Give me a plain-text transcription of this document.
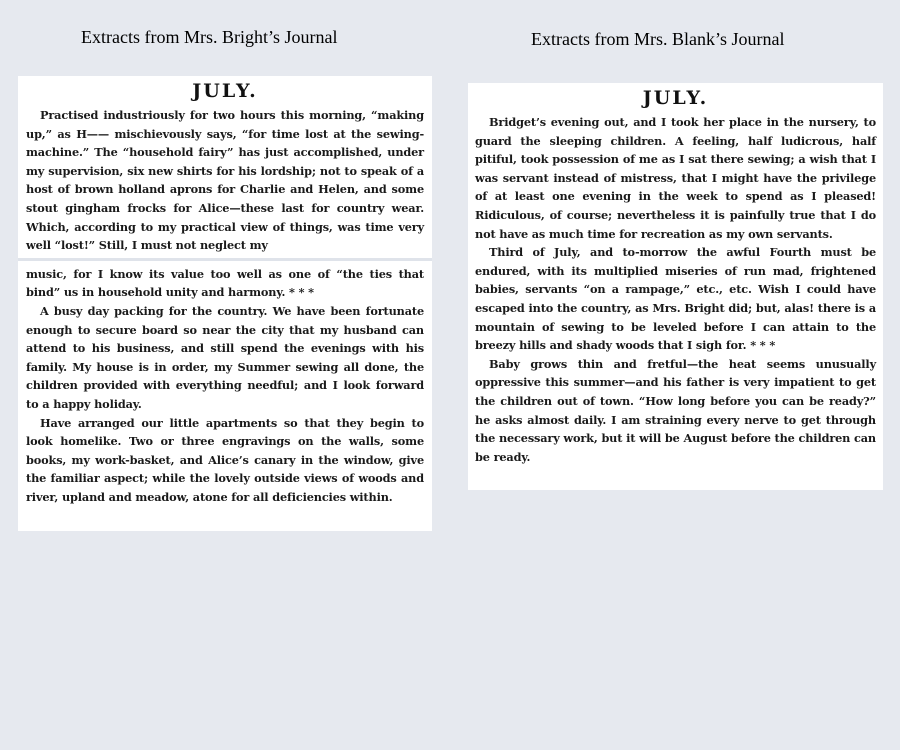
Extracts from Mrs. Bright’s Journal	Extracts from Mrs. Blank’s Journal
JULY.

Practised industriously for two hours this morning, “making up,” as H—— mischievously says, “for time lost at the sewing-machine.” The “household fairy” has just accomplished, under my supervision, six new shirts for his lordship; not to speak of a host of brown holland aprons for Charlie and Helen, and some stout gingham frocks for Alice—these last for country wear. Which, according to my practical view of things, was time very well “lost!” Still, I must not neglect my

music, for I know its value too well as one of “the ties that bind” us in household unity and harmony. * * *

A busy day packing for the country. We have been fortunate enough to secure board so near the city that my husband can attend to his business, and still spend the evenings with his family. My house is in order, my Summer sewing all done, the children provided with everything needful; and I look forward to a happy holiday.

Have arranged our little apartments so that they begin to look homelike. Two or three engravings on the walls, some books, my work-basket, and Alice’s canary in the window, give the familiar aspect; while the lovely outside views of woods and river, upland and meadow, atone for all deficiencies within.

JULY.

Bridget’s evening out, and I took her place in the nursery, to guard the sleeping children. A feeling, half ludicrous, half pitiful, took possession of me as I sat there sewing; a wish that I was servant instead of mistress, that I might have the privilege of at least one evening in the week to spend as I pleased! Ridiculous, of course; nevertheless it is painfully true that I do not have as much time for recreation as my own servants.

Third of July, and to-morrow the awful Fourth must be endured, with its multiplied miseries of run mad, frightened babies, servants “on a rampage,” etc., etc. Wish I could have escaped into the country, as Mrs. Bright did; but, alas! there is a mountain of sewing to be leveled before I can attain to the breezy hills and shady woods that I sigh for. * * *

Baby grows thin and fretful—the heat seems unusually oppressive this summer—and his father is very impatient to get the children out of town. “How long before you can be ready?” he asks almost daily. I am straining every nerve to get through the necessary work, but it will be August before the children can be ready.
